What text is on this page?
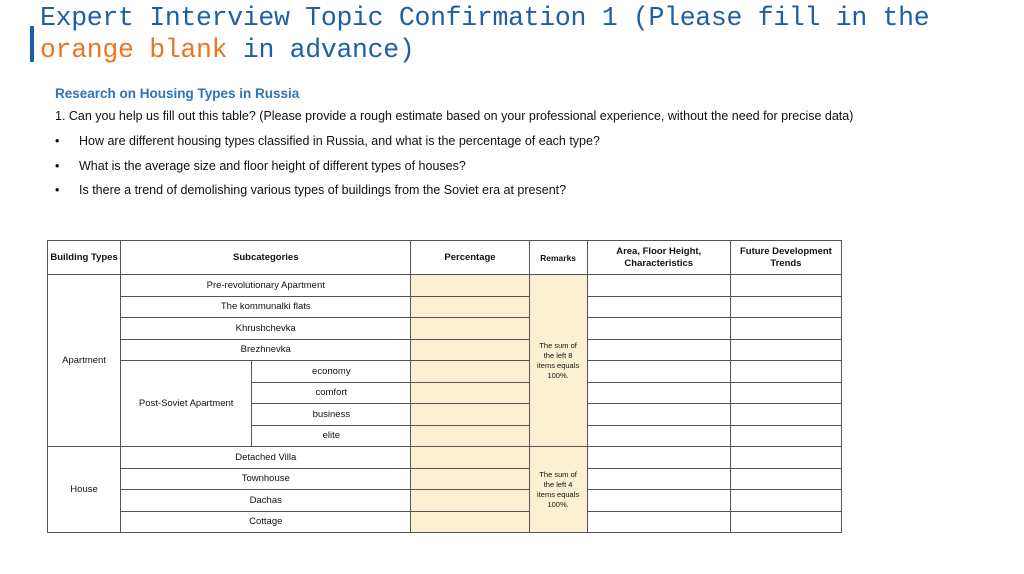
Expert Interview Topic Confirmation 1 (Please fill in the
orange blank in advance)
Research on Housing Types in Russia
1. Can you help us fill out this table? (Please provide a rough estimate based on your professional experience, without the need for precise data)
• How are different housing types classified in Russia, and what is the percentage of each type?
• What is the average size and floor height of different types of houses?
• Is there a trend of demolishing various types of buildings from the Soviet era at present?
Building Types	Subcategories		Percentage	Remarks	Area, Floor Height, Characteristics	Future Development Trends
Apartment	Pre-revolutionary Apartment			The sum of the left 8 items equals 100%.		
	The kommunalki flats					
	Khrushchevka					
	Brezhnevka					
	Post-Soviet Apartment	economy				
		comfort				
		business				
		elite				
House	Detached Villa			The sum of the left 4 items equals 100%.		
	Townhouse					
	Dachas					
	Cottage					
